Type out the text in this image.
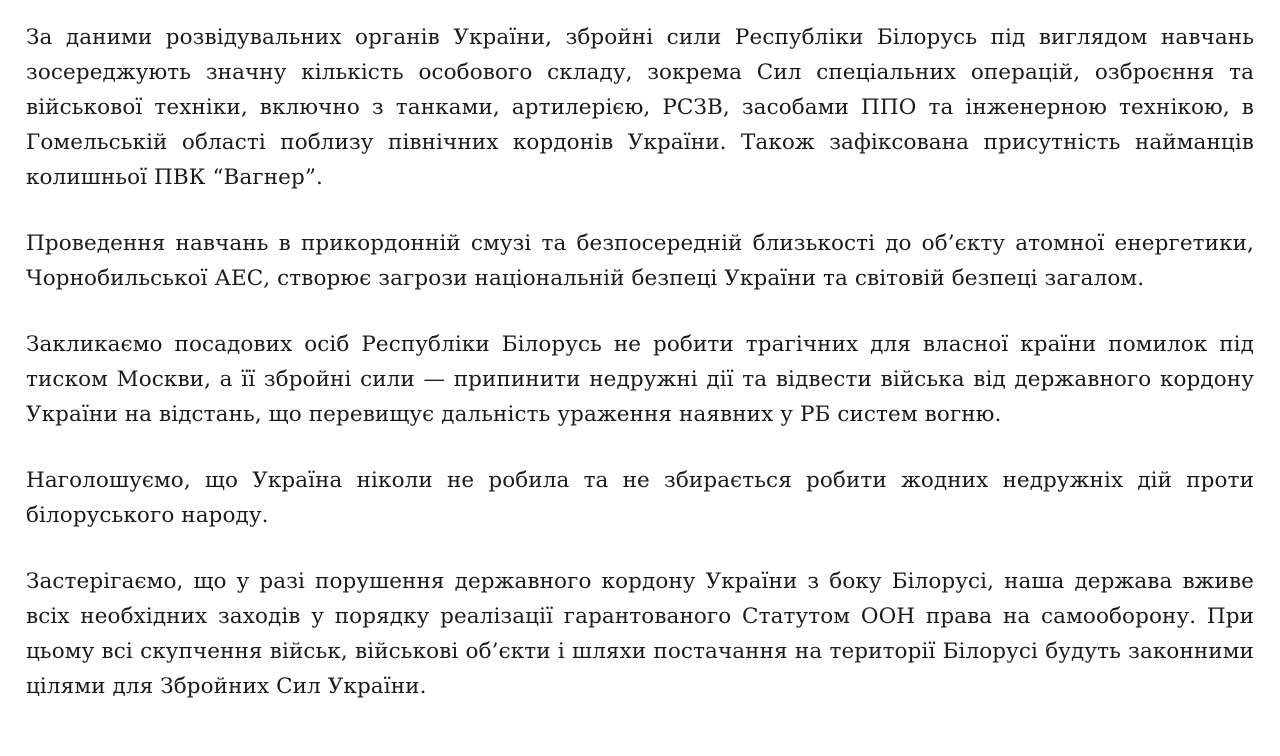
За даними розвідувальних органів України, збройні сили Республіки Білорусь під виглядом навчань зосереджують значну кількість особового складу, зокрема Сил спеціальних операцій, озброєння та військової техніки, включно з танками, артилерією, РСЗВ, засобами ППО та інженерною технікою, в Гомельській області поблизу північних кордонів України. Також зафіксована присутність найманців колишньої ПВК “Вагнер”.

Проведення навчань в прикордонній смузі та безпосередній близькості до об’єкту атомної енергетики, Чорнобильської АЕС, створює загрози національній безпеці України та світовій безпеці загалом.

Закликаємо посадових осіб Республіки Білорусь не робити трагічних для власної країни помилок під тиском Москви, а її збройні сили — припинити недружні дії та відвести війська від державного кордону України на відстань, що перевищує дальність ураження наявних у РБ систем вогню.

Наголошуємо, що Україна ніколи не робила та не збирається робити жодних недружніх дій проти білоруського народу.

Застерігаємо, що у разі порушення державного кордону України з боку Білорусі, наша держава вживе всіх необхідних заходів у порядку реалізації гарантованого Статутом ООН права на самооборону. При цьому всі скупчення військ, військові об’єкти і шляхи постачання на території Білорусі будуть законними цілями для Збройних Сил України.
